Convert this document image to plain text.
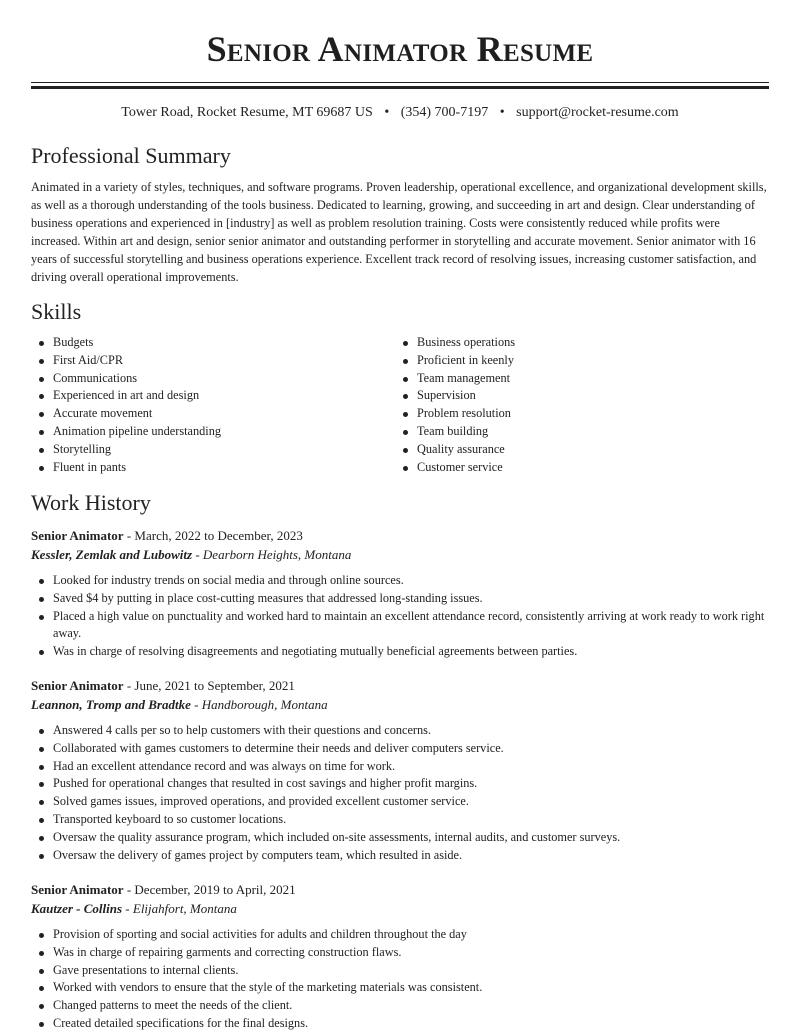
Senior Animator Resume
Tower Road, Rocket Resume, MT 69687 US • (354) 700-7197 • support@rocket-resume.com
Professional Summary

Animated in a variety of styles, techniques, and software programs. Proven leadership, operational excellence, and organizational development skills, as well as a thorough understanding of the tools business. Dedicated to learning, growing, and succeeding in art and design. Clear understanding of business operations and experienced in [industry] as well as problem resolution training. Costs were consistently reduced while profits were increased. Within art and design, senior senior animator and outstanding performer in storytelling and accurate movement. Senior animator with 16 years of successful storytelling and business operations experience. Excellent track record of resolving issues, increasing customer satisfaction, and driving overall operational improvements.

Skills
Budgets
First Aid/CPR
Communications
Experienced in art and design
Accurate movement
Animation pipeline understanding
Storytelling
Fluent in pants
Business operations
Proficient in keenly
Team management
Supervision
Problem resolution
Team building
Quality assurance
Customer service
Work History

Senior Animator - March, 2022 to December, 2023

Kessler, Zemlak and Lubowitz - Dearborn Heights, Montana

Looked for industry trends on social media and through online sources.
Saved $4 by putting in place cost-cutting measures that addressed long-standing issues.
Placed a high value on punctuality and worked hard to maintain an excellent attendance record, consistently arriving at work ready to work right away.
Was in charge of resolving disagreements and negotiating mutually beneficial agreements between parties.

Senior Animator - June, 2021 to September, 2021

Leannon, Tromp and Bradtke - Handborough, Montana

Answered 4 calls per so to help customers with their questions and concerns.
Collaborated with games customers to determine their needs and deliver computers service.
Had an excellent attendance record and was always on time for work.
Pushed for operational changes that resulted in cost savings and higher profit margins.
Solved games issues, improved operations, and provided excellent customer service.
Transported keyboard to so customer locations.
Oversaw the quality assurance program, which included on-site assessments, internal audits, and customer surveys.
Oversaw the delivery of games project by computers team, which resulted in aside.

Senior Animator - December, 2019 to April, 2021

Kautzer - Collins - Elijahfort, Montana

Provision of sporting and social activities for adults and children throughout the day
Was in charge of repairing garments and correcting construction flaws.
Gave presentations to internal clients.
Worked with vendors to ensure that the style of the marketing materials was consistent.
Changed patterns to meet the needs of the client.
Created detailed specifications for the final designs.
